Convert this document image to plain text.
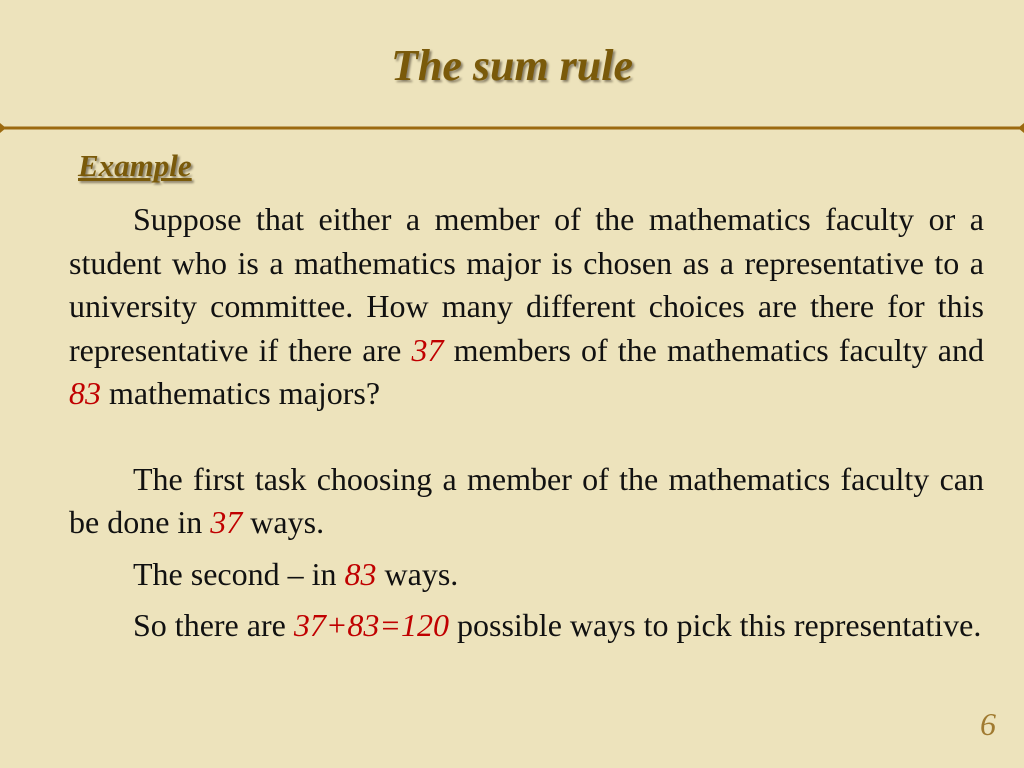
The sum rule
Example

Suppose that either a member of the mathematics faculty or a student who is a mathematics major is chosen as a representative to a university committee. How many different choices are there for this representative if there are 37 members of the mathematics faculty and 83 mathematics majors?

The first task choosing a member of the mathematics faculty can be done in 37 ways.

The second – in 83 ways.

So there are 37+83=120 possible ways to pick this representative.

6
